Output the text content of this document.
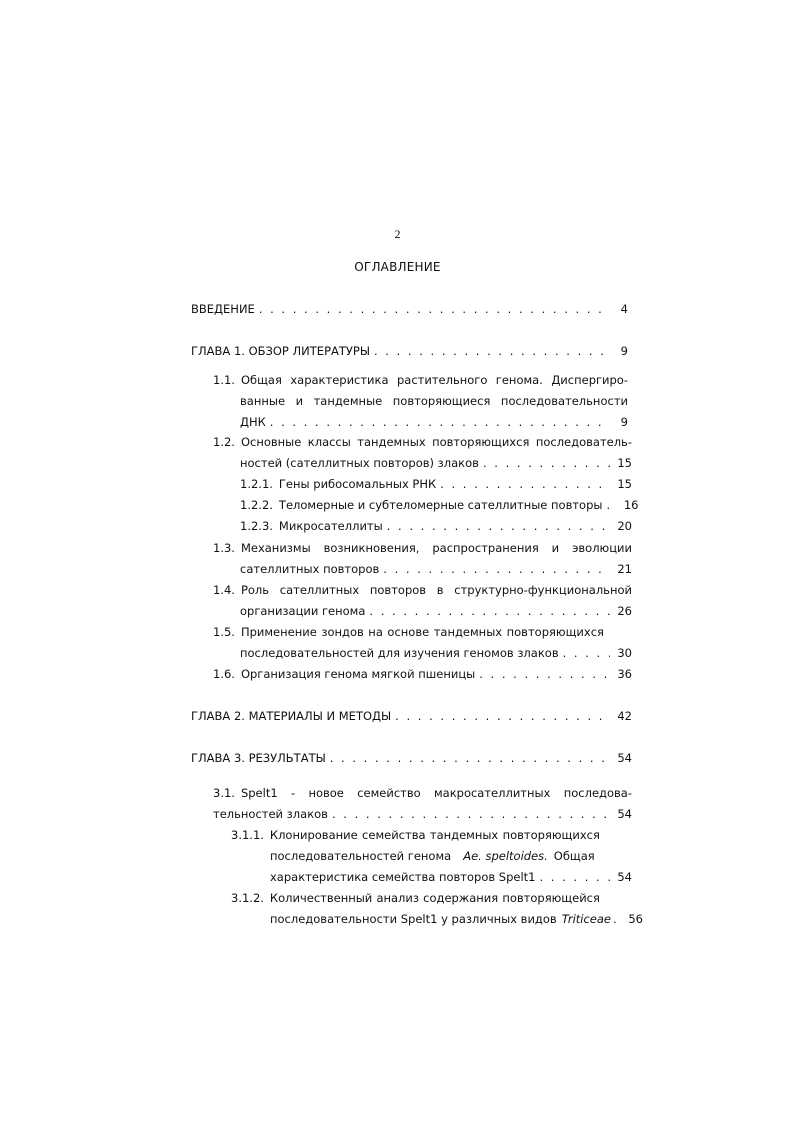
2
ОГЛАВЛЕНИЕ
ВВЕДЕНИЕ . . .	4
ГЛАВА 1. ОБЗОР ЛИТЕРАТУРЫ . . .	9
1.1. Общая характеристика растительного генома. Диспергиро-
ванные и тандемные повторяющиеся последовательности
ДНК . . .	9
1.2. Основные классы тандемных повторяющихся последователь-
ностей (сателлитных повторов) злаков . . .	15
1.2.1. Гены рибосомальных РНК . . .	15
1.2.2. Теломерные и субтеломерные сателлитные повторы . . . 16
1.2.3. Микросателлиты . . .	20
1.3. Механизмы возникновения, распространения и эволюции
сателлитных повторов . . .	21
1.4. Роль сателлитных повторов в структурно-функциональной
организации генома . . .	26
1.5. Применение зондов на основе тандемных повторяющихся
последовательностей для изучения геномов злаков . . .	30
1.6. Организация генома мягкой пшеницы . . .	36
ГЛАВА 2. МАТЕРИАЛЫ И МЕТОДЫ . . .	42
ГЛАВА 3. РЕЗУЛЬТАТЫ . . .	54
3.1. Spelt1 - новое семейство макросателлитных последова-
тельностей злаков . . .	54
3.1.1. Клонирование семейства тандемных повторяющихся
последовательностей генома Ae. speltoides. Общая
характеристика семейства повторов Spelt1 . . .	54
3.1.2. Количественный анализ содержания повторяющейся
последовательности Spelt1 у различных видов Triticeae . . . 56
